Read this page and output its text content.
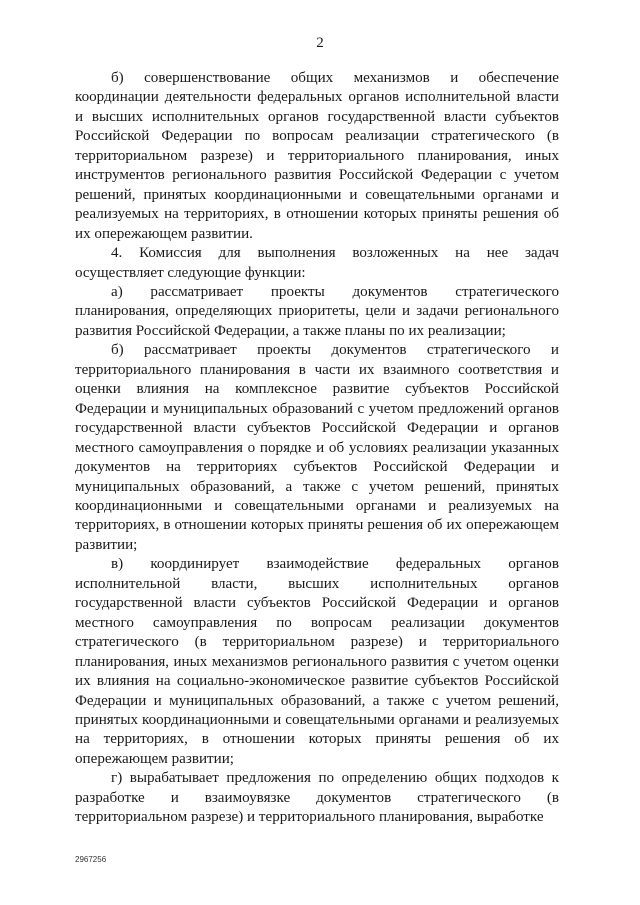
2

б) совершенствование общих механизмов и обеспечение координации деятельности федеральных органов исполнительной власти и высших исполнительных органов государственной власти субъектов Российской Федерации по вопросам реализации стратегического (в территориальном разрезе) и территориального планирования, иных инструментов регионального развития Российской Федерации с учетом решений, принятых координационными и совещательными органами и реализуемых на территориях, в отношении которых приняты решения об их опережающем развитии.

4. Комиссия для выполнения возложенных на нее задач осуществляет следующие функции:

а) рассматривает проекты документов стратегического планирования, определяющих приоритеты, цели и задачи регионального развития Российской Федерации, а также планы по их реализации;

б) рассматривает проекты документов стратегического и территориального планирования в части их взаимного соответствия и оценки влияния на комплексное развитие субъектов Российской Федерации и муниципальных образований с учетом предложений органов государственной власти субъектов Российской Федерации и органов местного самоуправления о порядке и об условиях реализации указанных документов на территориях субъектов Российской Федерации и муниципальных образований, а также с учетом решений, принятых координационными и совещательными органами и реализуемых на территориях, в отношении которых приняты решения об их опережающем развитии;

в) координирует взаимодействие федеральных органов исполнительной власти, высших исполнительных органов государственной власти субъектов Российской Федерации и органов местного самоуправления по вопросам реализации документов стратегического (в территориальном разрезе) и территориального планирования, иных механизмов регионального развития с учетом оценки их влияния на социально-экономическое развитие субъектов Российской Федерации и муниципальных образований, а также с учетом решений, принятых координационными и совещательными органами и реализуемых на территориях, в отношении которых приняты решения об их опережающем развитии;

г) вырабатывает предложения по определению общих подходов к разработке и взаимоувязке документов стратегического (в территориальном разрезе) и территориального планирования, выработке

2967256
